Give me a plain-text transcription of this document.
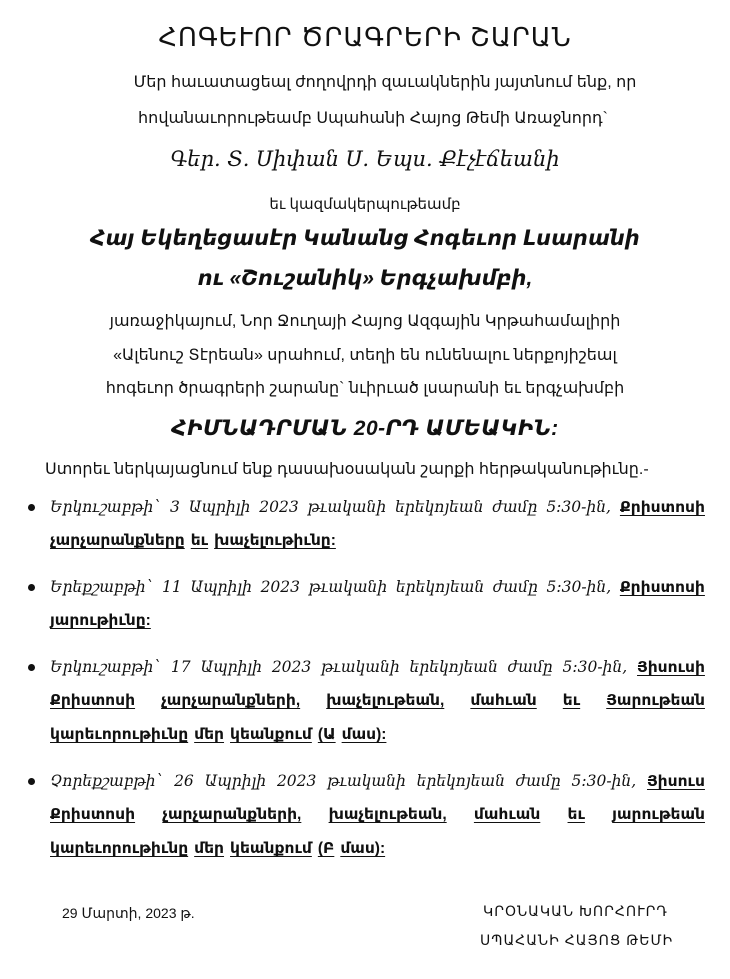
ՀՈԳԵՒՈՐ ԾՐԱԳՐԵՐԻ ՇԱՐԱՆ
Մեր հաւատացեալ ժողովրդի զաւակներին յայտնում ենք, որ
հովանաւորութեամբ Սպահանի Հայոց Թեմի Առաջնորդ`
Գեր. Տ. Սիփան Ս. Եպս. Քէչէճեանի
եւ կազմակերպութեամբ
Հայ Եկեղեցասէր Կանանց Հոգեւոր Լսարանի
ու «Շուշանիկ» Երգչախմբի,
յառաջիկայում, Նոր Ջուղայի Հայոց Ազգային Կրթահամալիրի
«Ալենուշ Տէրեան» սրահում, տեղի են ունենալու ներքոյիշեալ
հոգեւոր ծրագրերի շարանը` նւիրւած լսարանի եւ երգչախմբի
ՀԻՄՆԱԴՐՄԱՆ 20-ՐԴ ԱՄԵԱԿԻՆ:
Ստորեւ ներկայացնում ենք դասախօսական շարքի հերթականութիւնը.-
Երկուշաբթի` 3 Ապրիլի 2023 թւականի երեկոյեան ժամը 5:30-ին, Քրիստոսի
չարչարանքները եւ խաչելութիւնը:
Երեքշաբթի` 11 Ապրիլի 2023 թւականի երեկոյեան ժամը 5:30-ին, Քրիստոսի
յարութիւնը:
Երկուշաբթի` 17 Ապրիլի 2023 թւականի երեկոյեան ժամը 5:30-ին, Յիսուսի
Քրիստոսի չարչարանքների, խաչելութեան, մահւան եւ Յարութեան
կարեւորութիւնը մեր կեանքում (Ա մաս):
Չորեքշաբթի` 26 Ապրիլի 2023 թւականի երեկոյեան ժամը 5:30-ին, Յիսուս
Քրիստոսի չարչարանքների, խաչելութեան, մահւան եւ յարութեան
կարեւորութիւնը մեր կեանքում (Բ մաս):
29 Մարտի, 2023 թ.	ԿՐՕՆԱԿԱՆ ԽՈՐՀՈՒՐԴ
ՍՊԱՀԱՆԻ ՀԱՅՈՑ ԹԵՄԻ
